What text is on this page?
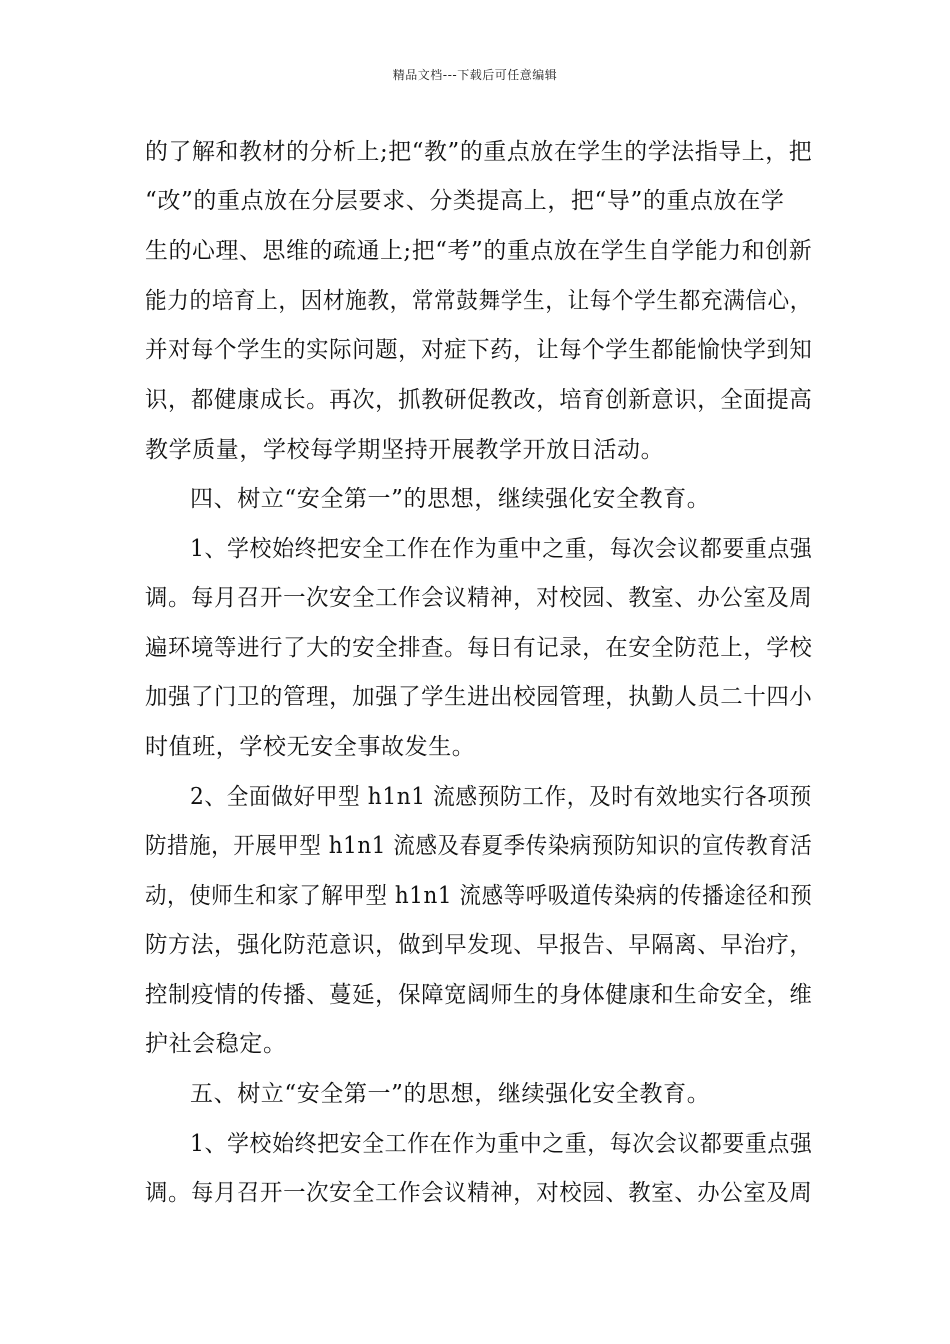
精品文档---下载后可任意编辑
的了解和教材的分析上;把“教”的重点放在学生的学法指导上，把
“改”的重点放在分层要求、分类提高上，把“导”的重点放在学
生的心理、思维的疏通上;把“考”的重点放在学生自学能力和创新
能力的培育上，因材施教，常常鼓舞学生，让每个学生都充满信心，
并对每个学生的实际问题，对症下药，让每个学生都能愉快学到知
识，都健康成长。再次，抓教研促教改，培育创新意识，全面提高
教学质量，学校每学期坚持开展教学开放日活动。
四、树立“安全第一”的思想，继续强化安全教育。
1、学校始终把安全工作在作为重中之重，每次会议都要重点强
调。每月召开一次安全工作会议精神，对校园、教室、办公室及周
遍环境等进行了大的安全排查。每日有记录，在安全防范上，学校
加强了门卫的管理，加强了学生进出校园管理，执勤人员二十四小
时值班，学校无安全事故发生。
2、全面做好甲型 h1n1 流感预防工作，及时有效地实行各项预
防措施，开展甲型 h1n1 流感及春夏季传染病预防知识的宣传教育活
动，使师生和家了解甲型 h1n1 流感等呼吸道传染病的传播途径和预
防方法，强化防范意识，做到早发现、早报告、早隔离、早治疗，
控制疫情的传播、蔓延，保障宽阔师生的身体健康和生命安全，维
护社会稳定。
五、树立“安全第一”的思想，继续强化安全教育。
1、学校始终把安全工作在作为重中之重，每次会议都要重点强
调。每月召开一次安全工作会议精神，对校园、教室、办公室及周
